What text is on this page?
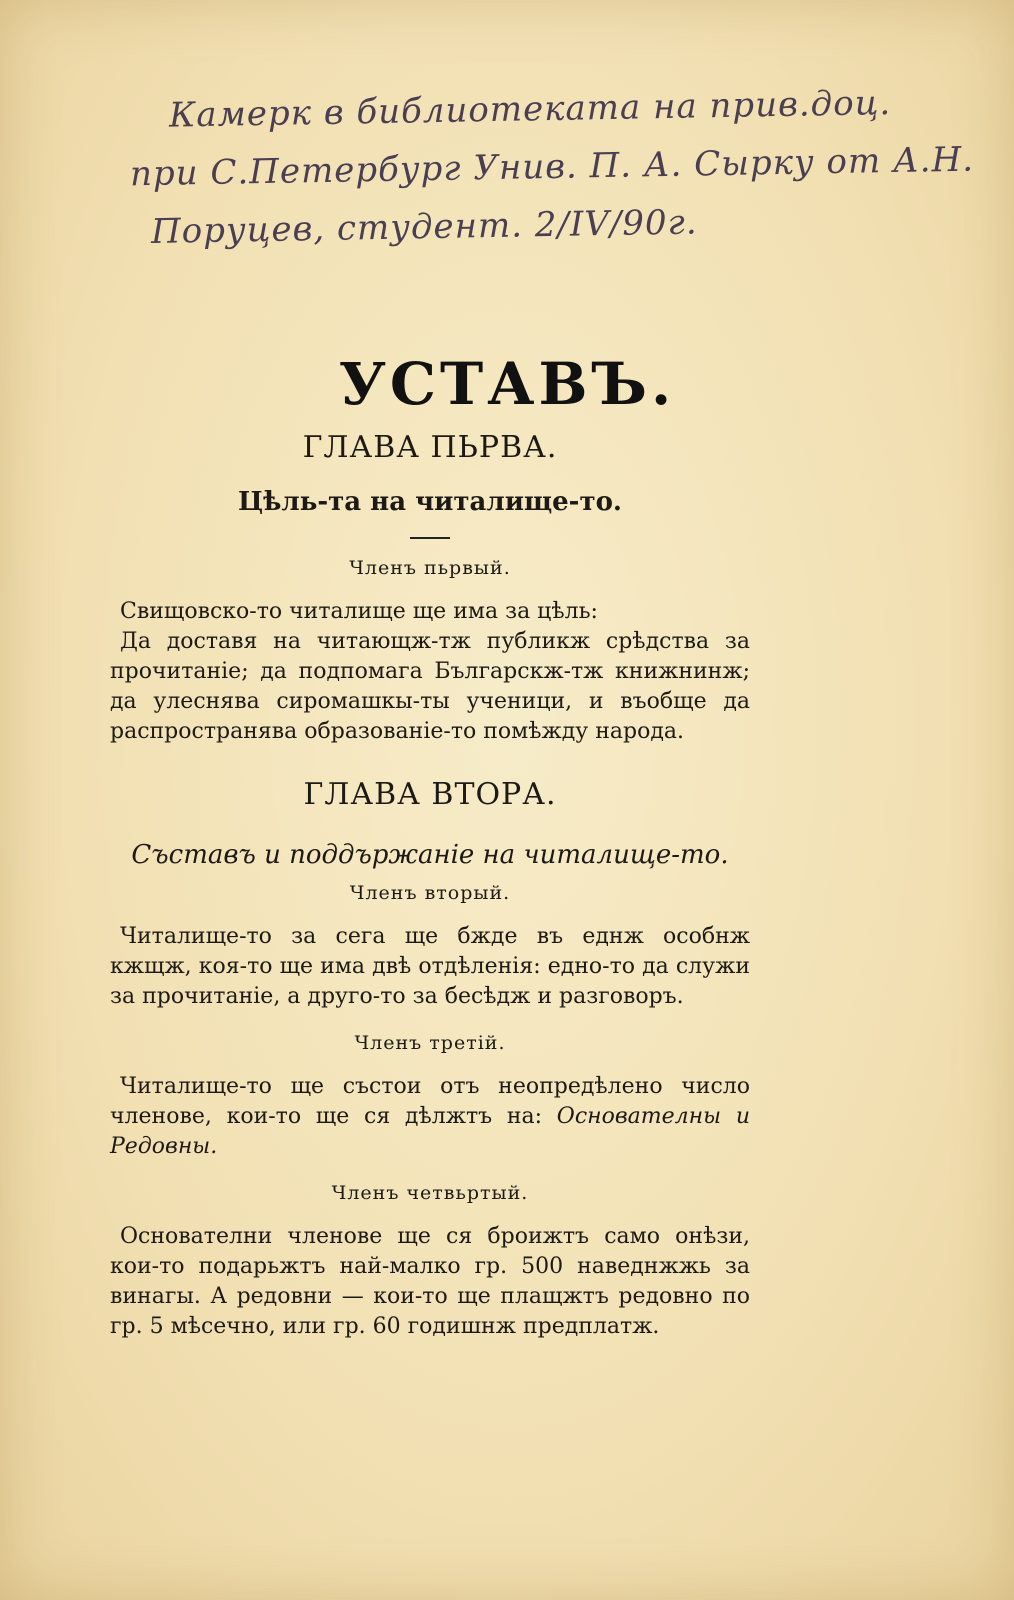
Камерк в библиотеката на прив.доц.
при С.Петербург Унив. П. А. Сырку от А.Н.
Поруцев, студент. 2/IV/90г.
УСТАВЪ.

ГЛАВА ПЬРВА.

Цѣль-та на читалище-то.

Членъ пьрвый.

Свищовско-то читалище ще има за цѣль:

Да доставя на читающж-тж публикж срѣдства за прочитаніе; да подпомага Българскж-тж книжнинж; да улеснява сиромашкы-ты ученици, и въобще да распространява образованіе-то помѣжду народа.

ГЛАВА ВТОРА.

Съставъ и поддържаніе на читалище-то.

Членъ вторый.

Читалище-то за сега ще бжде въ еднж особнж кжщж, коя-то ще има двѣ отдѣленія: едно-то да служи за прочитаніе, а друго-то за бесѣдж и разговоръ.

Членъ третій.

Читалище-то ще състои отъ неопредѣлено число членове, кои-то ще ся дѣлжтъ на: Основателны и Редовны.

Членъ четвьртый.

Основателни членове ще ся броижтъ само онѣзи, кои-то подарьжтъ най-малко гр. 500 наведнжжь за винагы. А редовни — кои-то ще плащжтъ редовно по гр. 5 мѣсечно, или гр. 60 годишнж предплатж.
